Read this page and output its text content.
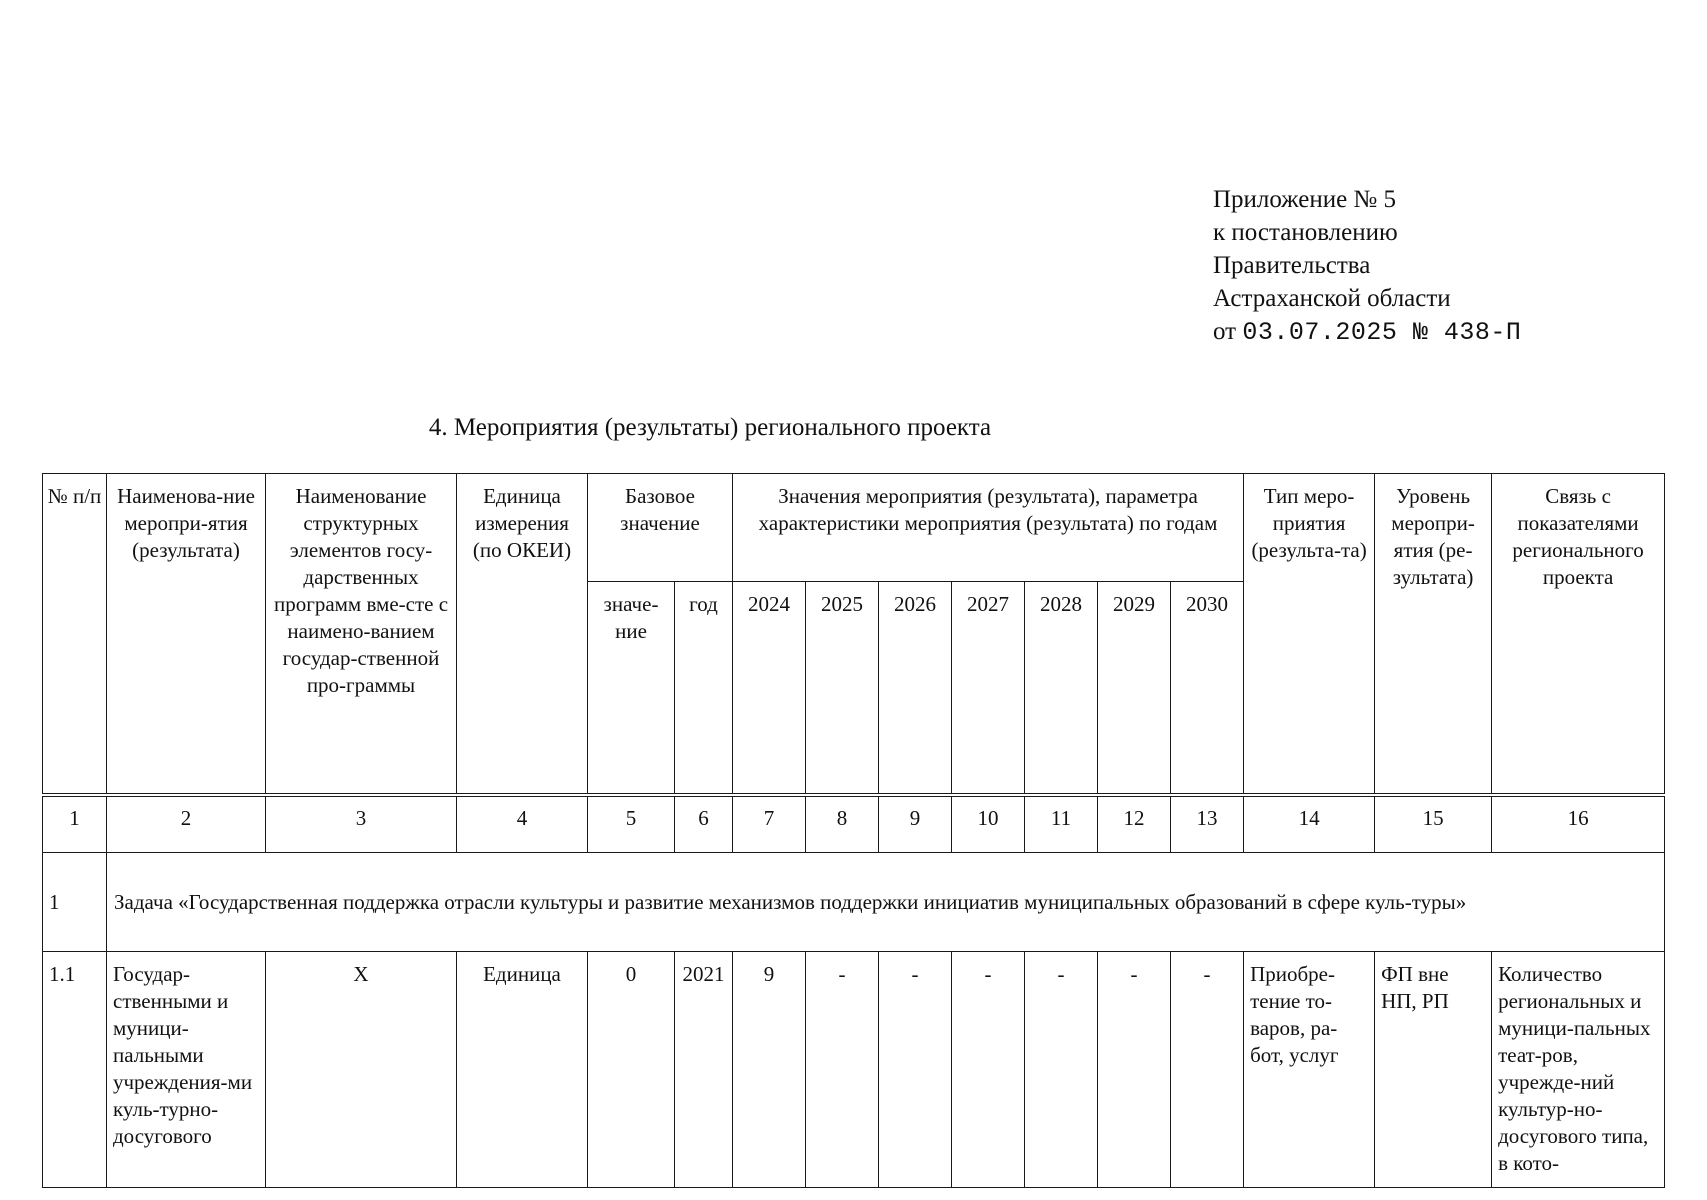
Приложение № 5
к постановлению
Правительства
Астраханской области
от 03.07.2025 № 438-П
4. Мероприятия (результаты) регионального проекта
№ п/п	Наименова-ние меропри-ятия (результата)	Наименование структурных элементов госу-дарственных программ вме-сте с наимено-ванием государ-ственной про-граммы	Единица измерения (по ОКЕИ)	Базовое значение		Значения мероприятия (результата), параметра характеристики мероприятия (результата) по годам							Тип меро-приятия (результа-та)	Уровень меропри-ятия (ре-зультата)	Связь с показателями регионального проекта
				значе-ние	год	2024	2025	2026	2027	2028	2029	2030			
1	2	3	4	5	6	7	8	9	10	11	12	13	14	15	16
1	Задача «Государственная поддержка отрасли культуры и развитие механизмов поддержки инициатив муниципальных образований в сфере куль-туры»														
1.1	Государ-ственными и муници-пальными учреждения-ми куль-турно-досугового	X	Единица	0	2021	9	-	-	-	-	-	-	Приобре-тение то-варов, ра-бот, услуг	ФП вне НП, РП	Количество региональных и муници-пальных теат-ров, учрежде-ний культур-но-досугового типа, в кото-
